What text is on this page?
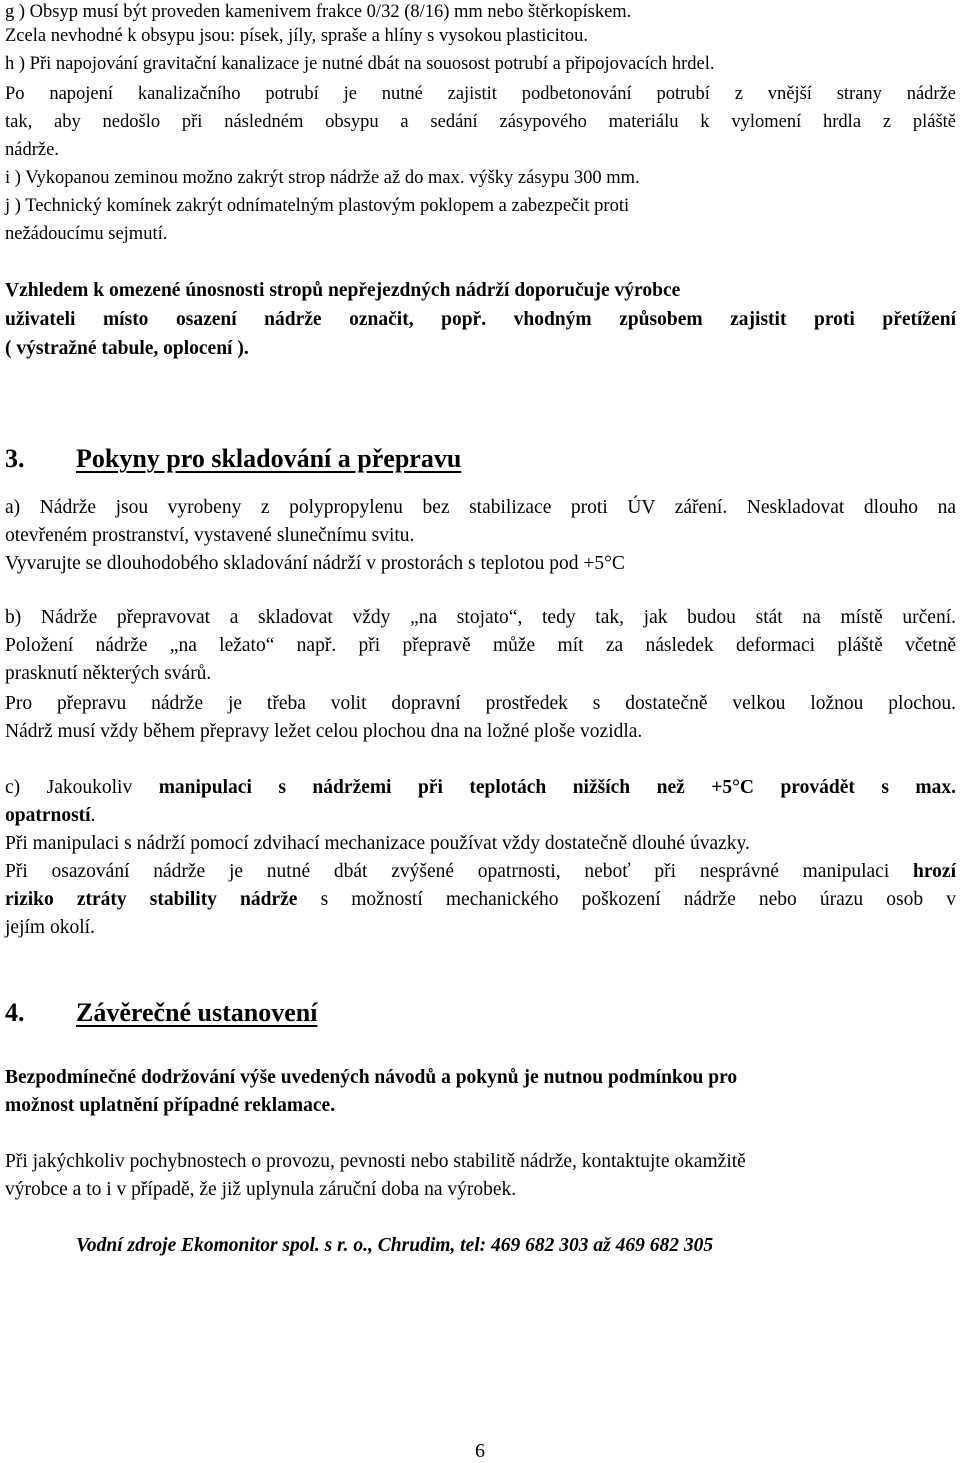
g ) Obsyp musí být proveden kamenivem frakce 0/32 (8/16) mm nebo štěrkopískem.
Zcela nevhodné k obsypu jsou: písek, jíly, spraše a hlíny s vysokou plasticitou.
h ) Při napojování gravitační kanalizace je nutné dbát na souosost potrubí a připojovacích hrdel.
Po napojení kanalizačního potrubí je nutné zajistit podbetonování potrubí z vnější strany nádrže
tak, aby nedošlo při následném obsypu a sedání zásypového materiálu k vylomení hrdla z pláště
nádrže.
i ) Vykopanou zeminou možno zakrýt strop nádrže až do max. výšky zásypu 300 mm.
j ) Technický komínek zakrýt odnímatelným plastovým poklopem a zabezpečit proti
nežádoucímu sejmutí.
Vzhledem k omezené únosnosti stropů nepřejezdných nádrží doporučuje výrobce
uživateli místo osazení nádrže označit, popř. vhodným způsobem zajistit proti přetížení
( výstražné tabule, oplocení ).
3. Pokyny pro skladování a přepravu
a) Nádrže jsou vyrobeny z polypropylenu bez stabilizace proti ÚV záření. Neskladovat dlouho na
otevřeném prostranství, vystavené slunečnímu svitu.
Vyvarujte se dlouhodobého skladování nádrží v prostorách s teplotou pod +5°C
b) Nádrže přepravovat a skladovat vždy „na stojato“, tedy tak, jak budou stát na místě určení.
Položení nádrže „na ležato“ např. při přepravě může mít za následek deformaci pláště včetně
prasknutí některých svárů.
Pro přepravu nádrže je třeba volit dopravní prostředek s dostatečně velkou ložnou plochou.
Nádrž musí vždy během přepravy ležet celou plochou dna na ložné ploše vozidla.
c) Jakoukoliv manipulaci s nádržemi při teplotách nižších než +5°C provádět s max.
opatrností.
Při manipulaci s nádrží pomocí zdvihací mechanizace používat vždy dostatečně dlouhé úvazky.
Při osazování nádrže je nutné dbát zvýšené opatrnosti, neboť při nesprávné manipulaci hrozí
riziko ztráty stability nádrže s možností mechanického poškození nádrže nebo úrazu osob v
jejím okolí.
4. Závěrečné ustanovení
Bezpodmínečné dodržování výše uvedených návodů a pokynů je nutnou podmínkou pro
možnost uplatnění případné reklamace.
Při jakýchkoliv pochybnostech o provozu, pevnosti nebo stabilitě nádrže, kontaktujte okamžitě
výrobce a to i v případě, že již uplynula záruční doba na výrobek.
Vodní zdroje Ekomonitor spol. s r. o., Chrudim, tel: 469 682 303 až 469 682 305
6
